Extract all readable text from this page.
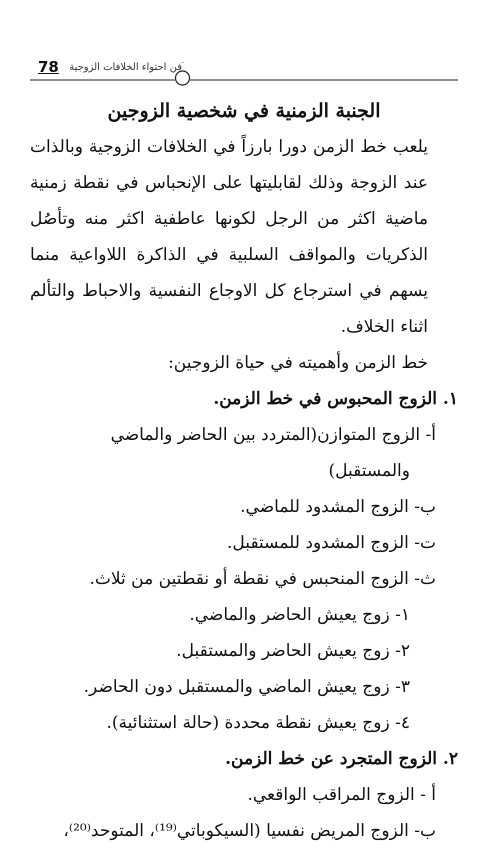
78	فن احتواء الخلافات الزوجية

الجنبة الزمنية في شخصية الزوجين

يلعب خط الزمن دورا بارزاً في الخلافات الزوجية وبالذات عند الزوجة وذلك لقابليتها على الإنحباس في نقطة زمنية ماضية اكثر من الرجل لكونها عاطفية اكثر منه وتأصُل الذكريات والمواقف السلبية في الذاكرة اللاواعية منما يسهم في استرجاع كل الاوجاع النفسية والاحباط والتألم اثناء الخلاف.

خط الزمن وأهميته في حياة الزوجين:

١. الزوج المحبوس في خط الزمن.

أ- الزوج المتوازن(المتردد بين الحاضر والماضي

والمستقبل)

ب- الزوج المشدود للماضي.

ت- الزوج المشدود للمستقبل.

ث- الزوج المنحبس في نقطة أو نقطتين من ثلاث.

١- زوج يعيش الحاضر والماضي.

٢- زوج يعيش الحاضر والمستقبل.

٣- زوج يعيش الماضي والمستقبل دون الحاضر.

٤- زوج يعيش نقطة محددة (حالة استثنائية).

٢. الزوج المتجرد عن خط الزمن.

أ - الزوج المراقب الواقعي.

ب- الزوج المريض نفسيا (السيكوباتي⁽¹⁹⁾، المتوحد⁽²⁰⁾،
